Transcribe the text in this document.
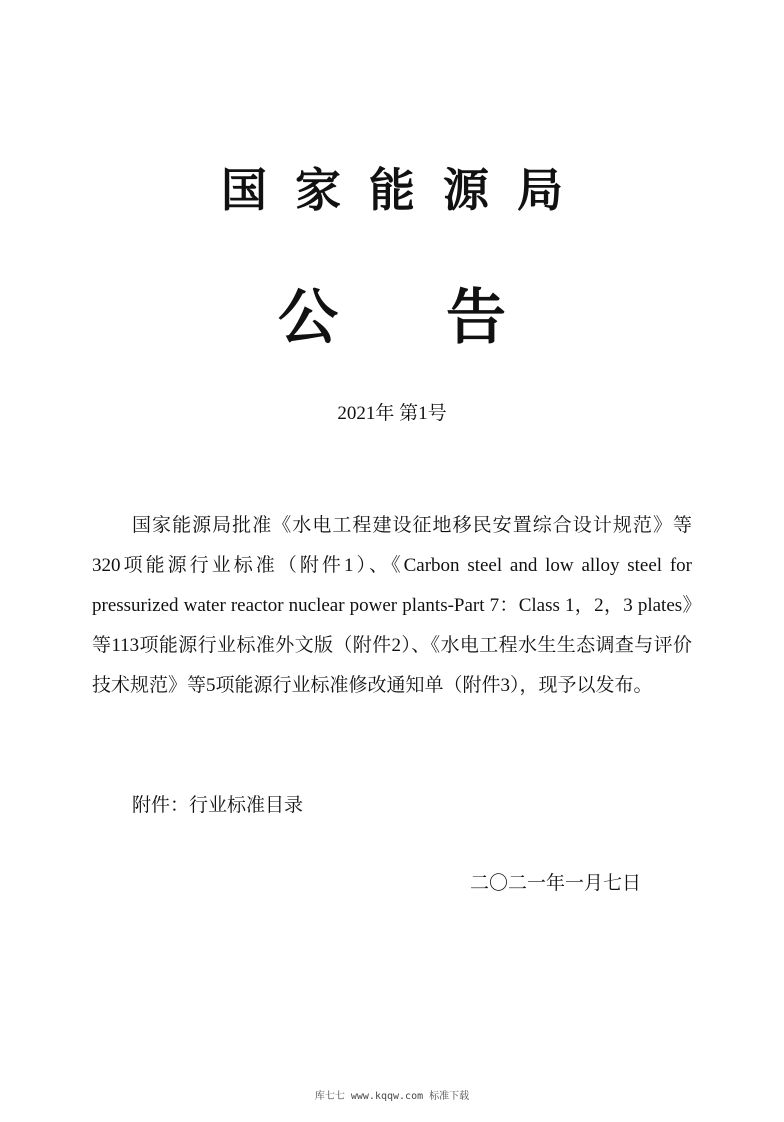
国家能源局
公告
2021年 第1号

国家能源局批准《水电工程建设征地移民安置综合设计规范》等320项能源行业标准（附件1）、《Carbon steel and low alloy steel for pressurized water reactor nuclear power plants-Part 7：Class 1，2，3 plates》等113项能源行业标准外文版（附件2）、《水电工程水生生态调查与评价技术规范》等5项能源行业标准修改通知单（附件3），现予以发布。

附件：行业标准目录
二〇二一年一月七日
库七七 www.kqqw.com 标准下载
